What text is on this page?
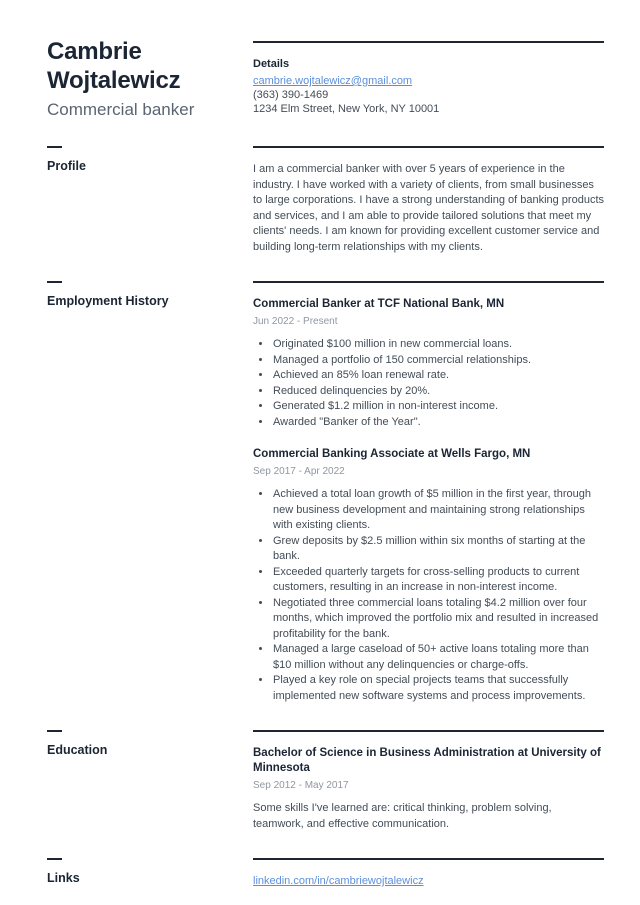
Cambrie Wojtalewicz
Commercial banker
Details
cambrie.wojtalewicz@gmail.com
(363) 390-1469
1234 Elm Street, New York, NY 10001
Profile	I am a commercial banker with over 5 years of experience in the industry. I have worked with a variety of clients, from small businesses to large corporations. I have a strong understanding of banking products and services, and I am able to provide tailored solutions that meet my clients' needs. I am known for providing excellent customer service and building long-term relationships with my clients.
Employment History	Commercial Banker at TCF National Bank, MN
Jun 2022 - Present
• Originated $100 million in new commercial loans.
• Managed a portfolio of 150 commercial relationships.
• Achieved an 85% loan renewal rate.
• Reduced delinquencies by 20%.
• Generated $1.2 million in non-interest income.
• Awarded "Banker of the Year".
Commercial Banking Associate at Wells Fargo, MN
Sep 2017 - Apr 2022
• Achieved a total loan growth of $5 million in the first year, through new business development and maintaining strong relationships with existing clients.
• Grew deposits by $2.5 million within six months of starting at the bank.
• Exceeded quarterly targets for cross-selling products to current customers, resulting in an increase in non-interest income.
• Negotiated three commercial loans totaling $4.2 million over four months, which improved the portfolio mix and resulted in increased profitability for the bank.
• Managed a large caseload of 50+ active loans totaling more than $10 million without any delinquencies or charge-offs.
• Played a key role on special projects teams that successfully implemented new software systems and process improvements.
Education	Bachelor of Science in Business Administration at University of Minnesota
Sep 2012 - May 2017
Some skills I've learned are: critical thinking, problem solving, teamwork, and effective communication.
Links	linkedin.com/in/cambriewojtalewicz
